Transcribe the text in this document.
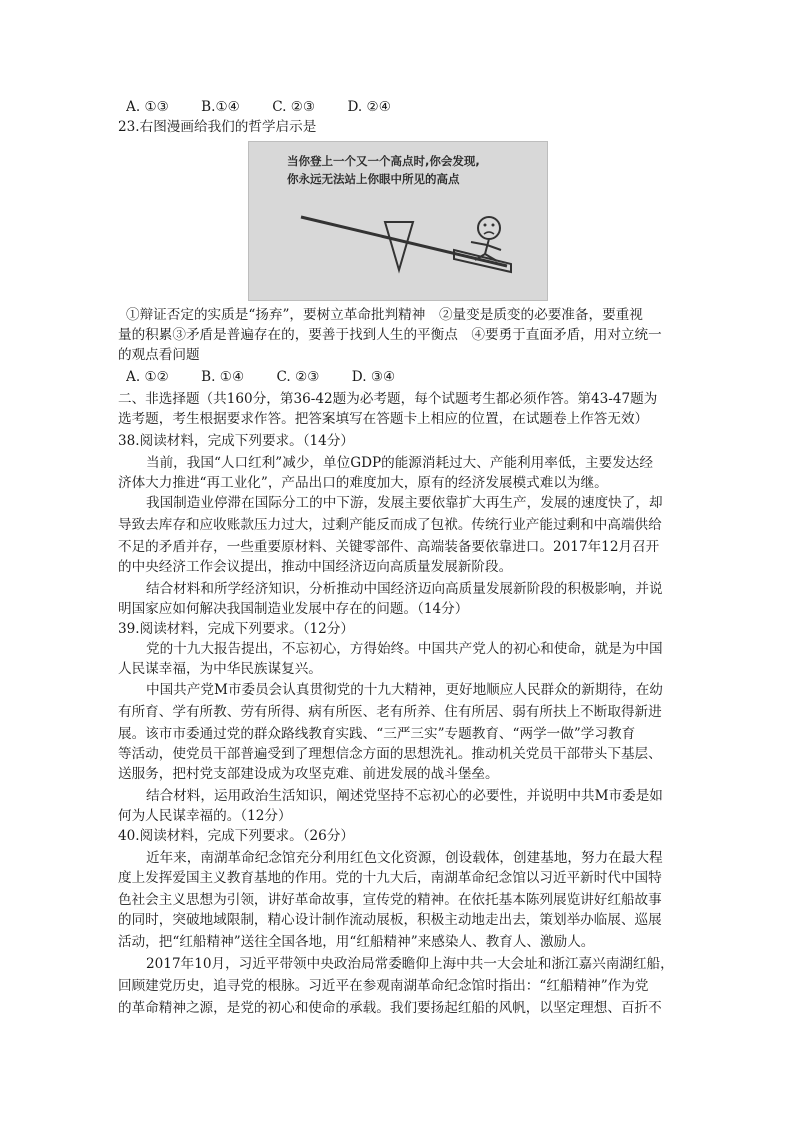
A. ①③ B.①④ C. ②③ D. ②④
23.右图漫画给我们的哲学启示是
当你登上一个又一个高点时,你会发现,
你永远无法站上你眼中所见的高点
①辩证否定的实质是“扬弃”，要树立革命批判精神　②量变是质变的必要准备，要重视
量的积累③矛盾是普遍存在的，要善于找到人生的平衡点　④要勇于直面矛盾，用对立统一
的观点看问题
A. ①② B. ①④ C. ②③ D. ③④
二、非选择题（共160分，第36-42题为必考题，每个试题考生都必须作答。第43-47题为
选考题，考生根据要求作答。把答案填写在答题卡上相应的位置，在试题卷上作答无效）
38.阅读材料，完成下列要求。（14分）
当前，我国“人口红利”减少，单位GDP的能源消耗过大、产能利用率低，主要发达经
济体大力推进“再工业化”，产品出口的难度加大，原有的经济发展模式难以为继。
我国制造业停滞在国际分工的中下游，发展主要依靠扩大再生产，发展的速度快了，却
导致去库存和应收账款压力过大，过剩产能反而成了包袱。传统行业产能过剩和中高端供给
不足的矛盾并存，一些重要原材料、关键零部件、高端装备要依靠进口。2017年12月召开
的中央经济工作会议提出，推动中国经济迈向高质量发展新阶段。
结合材料和所学经济知识，分析推动中国经济迈向高质量发展新阶段的积极影响，并说
明国家应如何解决我国制造业发展中存在的问题。（14分）
39.阅读材料，完成下列要求。（12分）
党的十九大报告提出，不忘初心，方得始终。中国共产党人的初心和使命，就是为中国
人民谋幸福，为中华民族谋复兴。
中国共产党M市委员会认真贯彻党的十九大精神，更好地顺应人民群众的新期待，在幼
有所育、学有所教、劳有所得、病有所医、老有所养、住有所居、弱有所扶上不断取得新进
展。该市市委通过党的群众路线教育实践、“三严三实”专题教育、“两学一做”学习教育
等活动，使党员干部普遍受到了理想信念方面的思想洗礼。推动机关党员干部带头下基层、
送服务，把村党支部建设成为攻坚克难、前进发展的战斗堡垒。
结合材料，运用政治生活知识，阐述党坚持不忘初心的必要性，并说明中共M市委是如
何为人民谋幸福的。（12分）
40.阅读材料，完成下列要求。（26分）
近年来，南湖革命纪念馆充分利用红色文化资源，创设载体，创建基地，努力在最大程
度上发挥爱国主义教育基地的作用。党的十九大后，南湖革命纪念馆以习近平新时代中国特
色社会主义思想为引领，讲好革命故事，宣传党的精神。在依托基本陈列展览讲好红船故事
的同时，突破地域限制，精心设计制作流动展板，积极主动地走出去，策划举办临展、巡展
活动，把“红船精神”送往全国各地，用“红船精神”来感染人、教育人、激励人。
2017年10月，习近平带领中央政治局常委瞻仰上海中共一大会址和浙江嘉兴南湖红船，
回顾建党历史，追寻党的根脉。习近平在参观南湖革命纪念馆时指出：“红船精神”作为党
的革命精神之源，是党的初心和使命的承载。我们要扬起红船的风帆，以坚定理想、百折不
